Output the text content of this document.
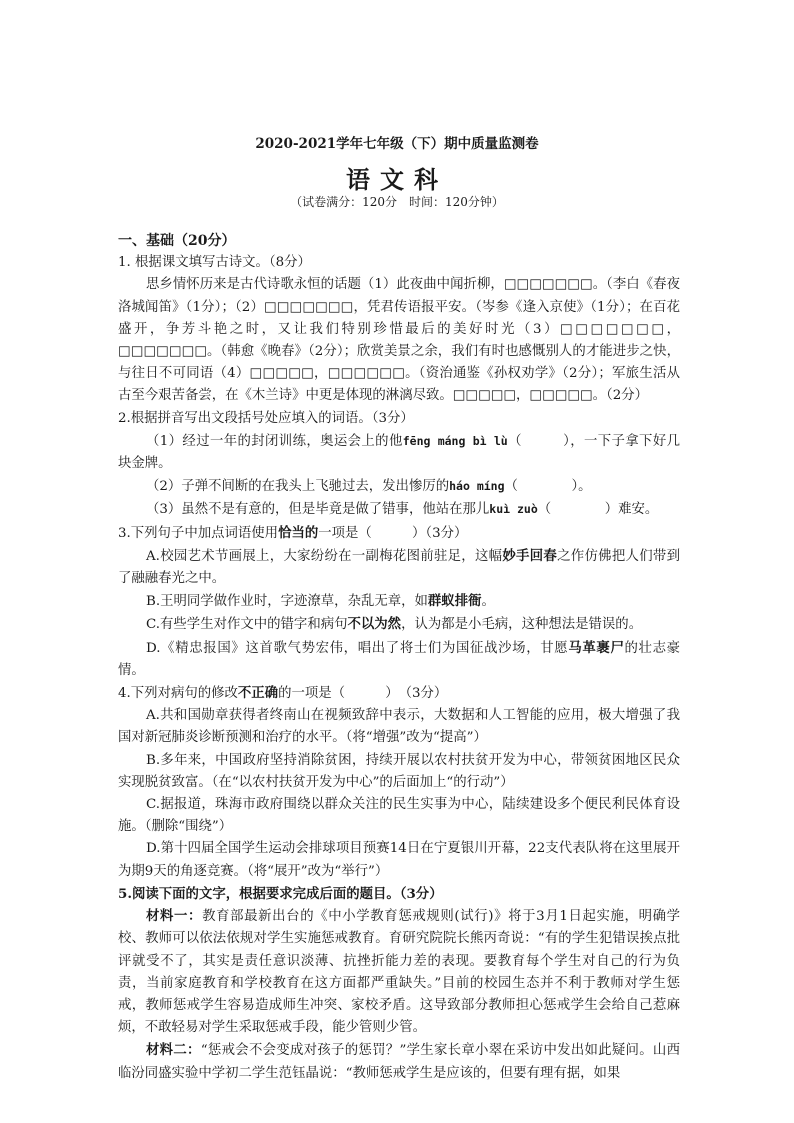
2020-2021学年七年级（下）期中质量监测卷
语文科
（试卷满分：120分　时间：120分钟）

一、基础（20分）

1. 根据课文填写古诗文。（8分）

思乡情怀历来是古代诗歌永恒的话题（1）此夜曲中闻折柳，□□□□□□□。（李白《春夜洛城闻笛》（1分）；（2）□□□□□□□，凭君传语报平安。（岑参《逢入京使》（1分）；在百花盛开，争芳斗艳之时，又让我们特别珍惜最后的美好时光（3）□□□□□□□，□□□□□□□。（韩愈《晚春》（2分）；欣赏美景之余，我们有时也感慨别人的才能进步之快，与往日不可同语（4）□□□□□，□□□□□□。（资治通鉴《孙权劝学》（2分）；军旅生活从古至今艰苦备尝，在《木兰诗》中更是体现的淋漓尽致。□□□□□，□□□□□。（2分）

2.根据拼音写出文段括号处应填入的词语。（3分）

（1）经过一年的封闭训练，奥运会上的他fēng máng bì lù（　　　），一下子拿下好几块金牌。

（2）子弹不间断的在我头上飞驰过去，发出惨厉的háo míng（　　　　）。

（3）虽然不是有意的，但是毕竟是做了错事，他站在那儿kuì zuò（　　　　）难安。

3.下列句子中加点词语使用恰当的一项是（　　　）（3分）

A.校园艺术节画展上，大家纷纷在一副梅花图前驻足，这幅妙手回春之作仿佛把人们带到了融融春光之中。

B.王明同学做作业时，字迹潦草，杂乱无章，如群蚁排衙。

C.有些学生对作文中的错字和病句不以为然，认为都是小毛病，这种想法是错误的。

D.《精忠报国》这首歌气势宏伟，唱出了将士们为国征战沙场，甘愿马革裹尸的壮志豪情。

4.下列对病句的修改不正确的一项是（　　　）　（3分）

A.共和国勋章获得者终南山在视频致辞中表示，大数据和人工智能的应用，极大增强了我国对新冠肺炎诊断预测和治疗的水平。（将“增强”改为“提高”）

B.多年来，中国政府坚持消除贫困，持续开展以农村扶贫开发为中心，带领贫困地区民众实现脱贫致富。（在“以农村扶贫开发为中心”的后面加上“的行动”）

C.据报道，珠海市政府围绕以群众关注的民生实事为中心，陆续建设多个便民利民体育设施。（删除“围绕”）

D.第十四届全国学生运动会排球项目预赛14日在宁夏银川开幕，22支代表队将在这里展开为期9天的角逐竞赛。（将“展开”改为“举行”）

5.阅读下面的文字，根据要求完成后面的题目。（3分）

材料一：教育部最新出台的《中小学教育惩戒规则(试行)》将于3月1日起实施，明确学校、教师可以依法依规对学生实施惩戒教育。育研究院院长熊丙奇说：“有的学生犯错误挨点批评就受不了，其实是责任意识淡薄、抗挫折能力差的表现。要教育每个学生对自己的行为负责，当前家庭教育和学校教育在这方面都严重缺失。”目前的校园生态并不利于教师对学生惩戒，教师惩戒学生容易造成师生冲突、家校矛盾。这导致部分教师担心惩戒学生会给自己惹麻烦，不敢轻易对学生采取惩戒手段，能少管则少管。

材料二：“惩戒会不会变成对孩子的惩罚？”学生家长章小翠在采访中发出如此疑问。山西临汾同盛实验中学初二学生范钰晶说：“教师惩戒学生是应该的，但要有理有据，如果
